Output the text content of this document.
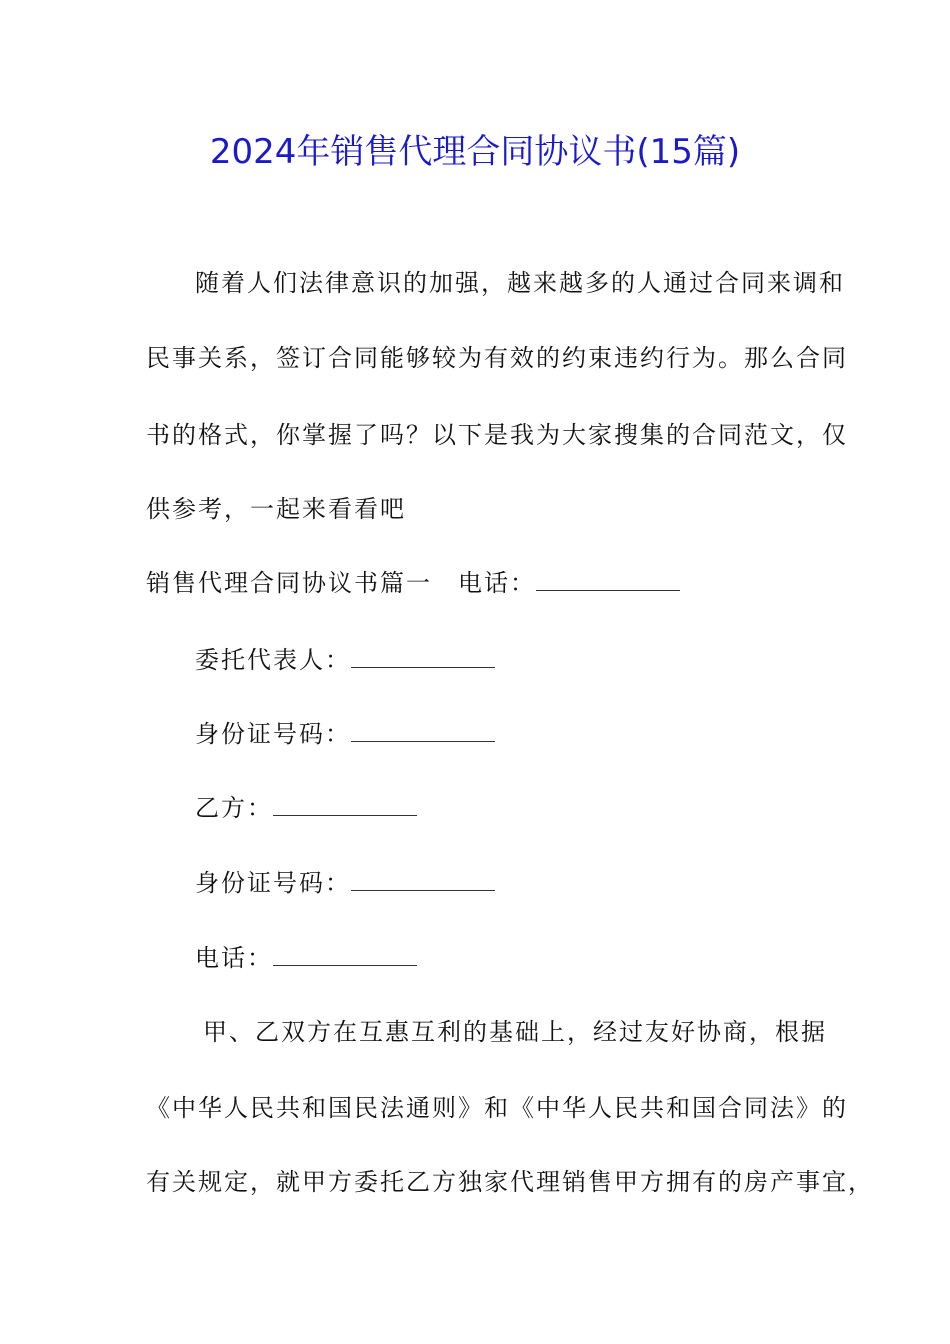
2024年销售代理合同协议书(15篇)
随着人们法律意识的加强，越来越多的人通过合同来调和
民事关系，签订合同能够较为有效的约束违约行为。那么合同
书的格式，你掌握了吗？以下是我为大家搜集的合同范文，仅
供参考，一起来看看吧
销售代理合同协议书篇一 电话：
委托代表人：
身份证号码：
乙方：
身份证号码：
电话：
甲、乙双方在互惠互利的基础上，经过友好协商，根据
《中华人民共和国民法通则》和《中华人民共和国合同法》的
有关规定，就甲方委托乙方独家代理销售甲方拥有的房产事宜，
